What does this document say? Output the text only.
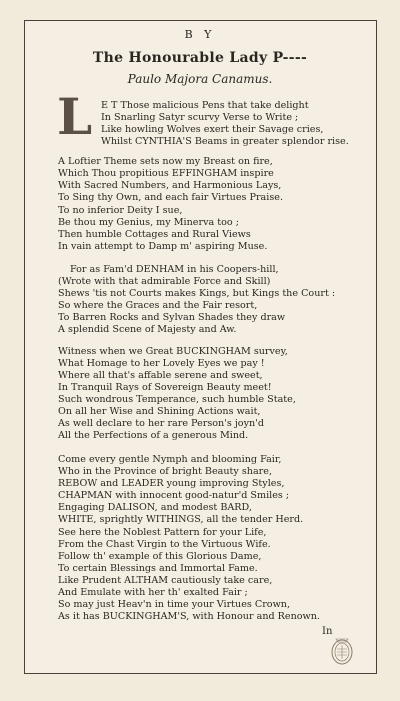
B Y
The Honourable Lady P----
Paulo Majora Canamus.
L E T Those malicious Pens that take delight
In Snarling Satyr scurvy Verse to Write ;
Like howling Wolves exert their Savage cries,
Whilst CYNTHIA'S Beams in greater splendor rise.
A Loftier Theme sets now my Breast on fire,
Which Thou propitious EFFINGHAM inspire
With Sacred Numbers, and Harmonious Lays,
To Sing thy Own, and each fair Virtues Praise.
To no inferior Deity I sue,
Be thou my Genius, my Minerva too ;
Then humble Cottages and Rural Views
In vain attempt to Damp m' aspiring Muse.
For as Fam'd DENHAM in his Coopers-hill,
(Wrote with that admirable Force and Skill)
Shews 'tis not Courts makes Kings, but Kings the Court :
So where the Graces and the Fair resort,
To Barren Rocks and Sylvan Shades they draw
A splendid Scene of Majesty and Aw.
Witness when we Great BUCKINGHAM survey,
What Homage to her Lovely Eyes we pay !
Where all that's affable serene and sweet,
In Tranquil Rays of Sovereign Beauty meet!
Such wondrous Temperance, such humble State,
On all her Wise and Shining Actions wait,
As well declare to her rare Person's joyn'd
All the Perfections of a generous Mind.
Come every gentle Nymph and blooming Fair,
Who in the Province of bright Beauty share,
REBOW and LEADER young improving Styles,
CHAPMAN with innocent good-natur'd Smiles ;
Engaging DALISON, and modest BARD,
WHITE, sprightly WITHINGS, all the tender Herd.
See here the Noblest Pattern for your Life,
From the Chast Virgin to the Virtuous Wife.
Follow th' example of this Glorious Dame,
To certain Blessings and Immortal Fame.
Like Prudent ALTHAM cautiously take care,
And Emulate with her th' exalted Fair ;
So may just Heav'n in time your Virtues Crown,
As it has BUCKINGHAM'S, with Honour and Renown.
In
